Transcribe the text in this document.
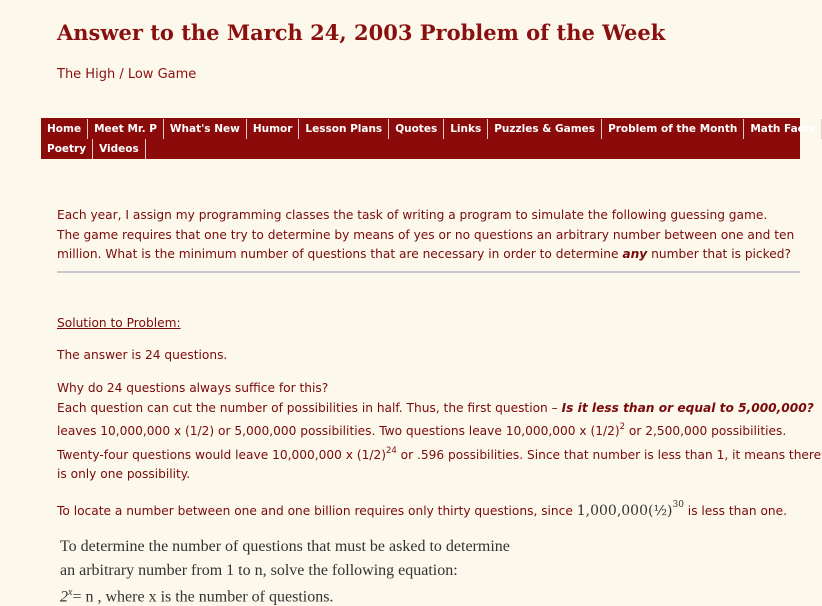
Answer to the March 24, 2003 Problem of the Week
The High / Low Game
Home	Meet Mr. P	What's New	Humor	Lesson Plans	Quotes	Links	Puzzles & Games	Problem of the Month	Math Facts
Poetry	Videos
Each year, I assign my programming classes the task of writing a program to simulate the following guessing game.
The game requires that one try to determine by means of yes or no questions an arbitrary number between one and ten
million. What is the minimum number of questions that are necessary in order to determine any number that is picked?
Solution to Problem:
The answer is 24 questions.
Why do 24 questions always suffice for this?
Each question can cut the number of possibilities in half. Thus, the first question – Is it less than or equal to 5,000,000?
leaves 10,000,000 x (1/2) or 5,000,000 possibilities. Two questions leave 10,000,000 x $(1/2)^2$ or 2,500,000 possibilities.
Twenty-four questions would leave 10,000,000 x $(1/2)^{24}$ or .596 possibilities. Since that number is less than 1, it means there
is only one possibility.
To locate a number between one and one billion requires only thirty questions, since 1,000,000(½)$^{30}$ is less than one.
To determine the number of questions that must be asked to determine
an arbitrary number from 1 to n, solve the following equation:
$2^x= n$ , where x is the number of questions.
